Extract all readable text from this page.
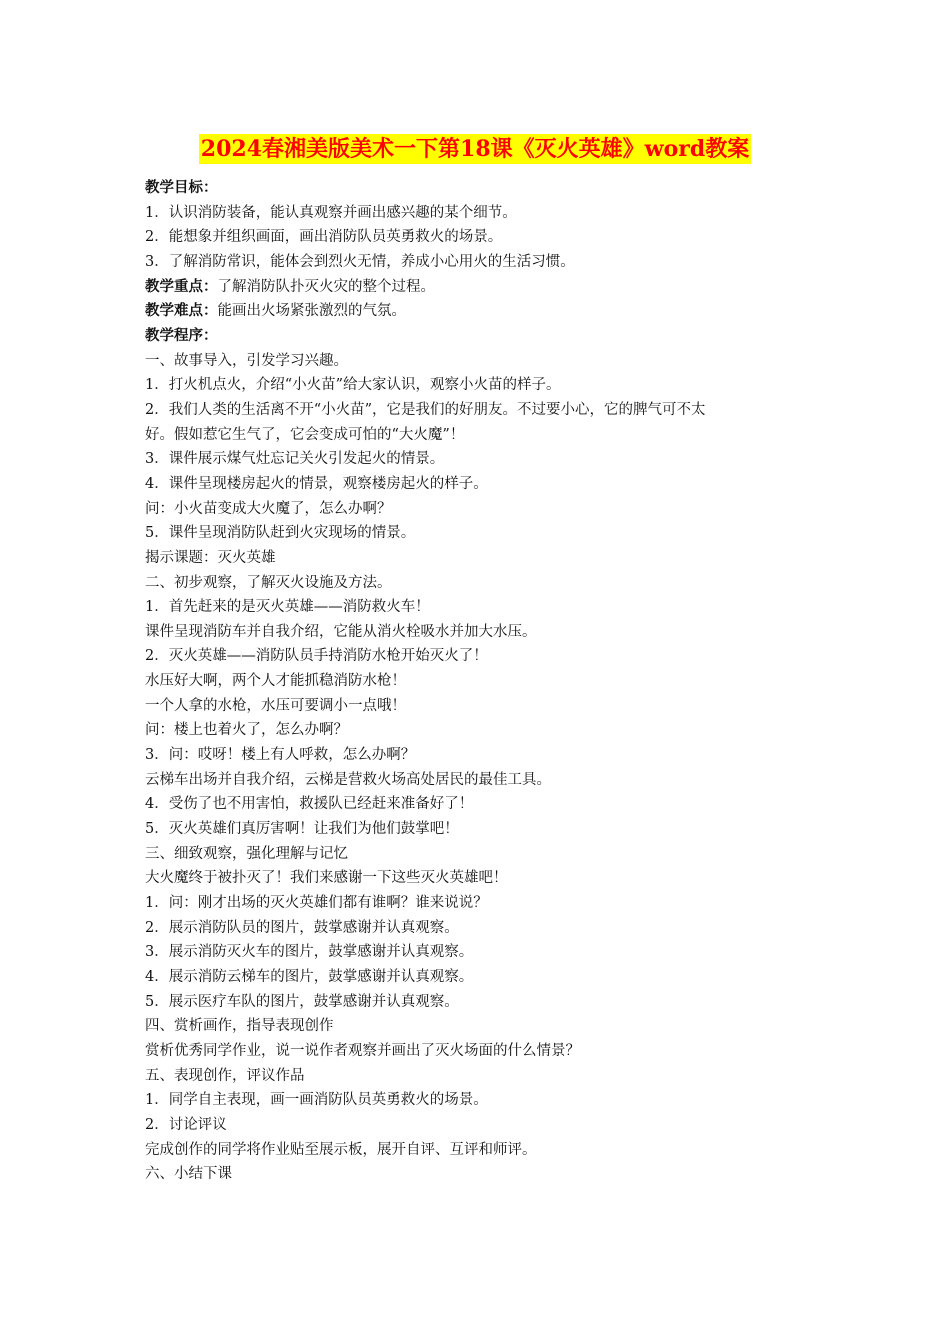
2024春湘美版美术一下第18课《灭火英雄》word教案
教学目标：
1．认识消防装备，能认真观察并画出感兴趣的某个细节。
2．能想象并组织画面，画出消防队员英勇救火的场景。
3．了解消防常识，能体会到烈火无情，养成小心用火的生活习惯。
教学重点：了解消防队扑灭火灾的整个过程。
教学难点：能画出火场紧张激烈的气氛。
教学程序：
一、故事导入，引发学习兴趣。
1．打火机点火，介绍“小火苗”给大家认识，观察小火苗的样子。
2．我们人类的生活离不开“小火苗”，它是我们的好朋友。不过要小心，它的脾气可不太
好。假如惹它生气了，它会变成可怕的“大火魔”！
3．课件展示煤气灶忘记关火引发起火的情景。
4．课件呈现楼房起火的情景，观察楼房起火的样子。
问：小火苗变成大火魔了，怎么办啊？
5．课件呈现消防队赶到火灾现场的情景。
揭示课题：灭火英雄
二、初步观察，了解灭火设施及方法。
1．首先赶来的是灭火英雄——消防救火车！
课件呈现消防车并自我介绍，它能从消火栓吸水并加大水压。
2．灭火英雄——消防队员手持消防水枪开始灭火了！
水压好大啊，两个人才能抓稳消防水枪！
一个人拿的水枪，水压可要调小一点哦！
问：楼上也着火了，怎么办啊？
3．问：哎呀！楼上有人呼救，怎么办啊？
云梯车出场并自我介绍，云梯是营救火场高处居民的最佳工具。
4．受伤了也不用害怕，救援队已经赶来准备好了！
5．灭火英雄们真厉害啊！让我们为他们鼓掌吧！
三、细致观察，强化理解与记忆
大火魔终于被扑灭了！我们来感谢一下这些灭火英雄吧！
1．问：刚才出场的灭火英雄们都有谁啊？谁来说说？
2．展示消防队员的图片，鼓掌感谢并认真观察。
3．展示消防灭火车的图片，鼓掌感谢并认真观察。
4．展示消防云梯车的图片，鼓掌感谢并认真观察。
5．展示医疗车队的图片，鼓掌感谢并认真观察。
四、赏析画作，指导表现创作
赏析优秀同学作业，说一说作者观察并画出了灭火场面的什么情景？
五、表现创作，评议作品
1．同学自主表现，画一画消防队员英勇救火的场景。
2．讨论评议
完成创作的同学将作业贴至展示板，展开自评、互评和师评。
六、小结下课
